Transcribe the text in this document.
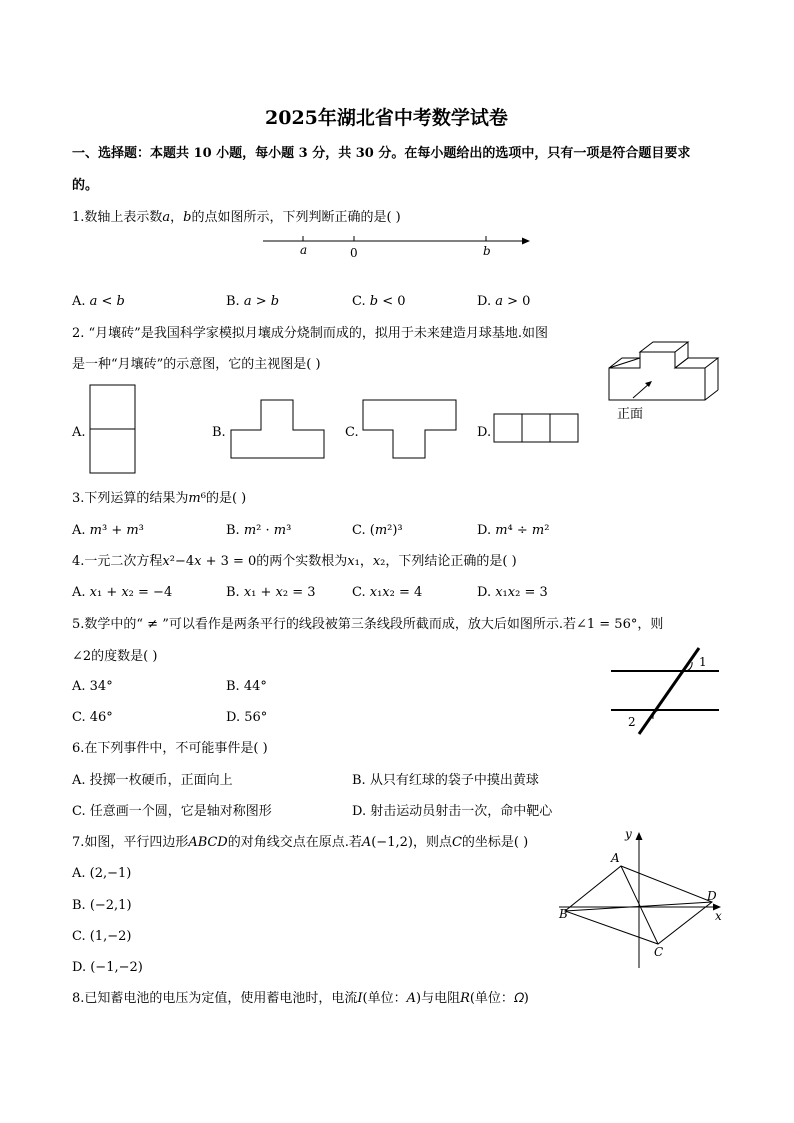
2025年湖北省中考数学试卷
一、选择题：本题共 10 小题，每小题 3 分，共 30 分。在每小题给出的选项中，只有一项是符合题目要求
的。
1.数轴上表示数𝑎，𝑏的点如图所示，下列判断正确的是( )
𝑎	0	𝑏
A. 𝑎 < 𝑏	B. 𝑎 > 𝑏	C. 𝑏 < 0	D. 𝑎 > 0
2. “月壤砖”是我国科学家模拟月壤成分烧制而成的，拟用于未来建造月球基地.如图
是一种“月壤砖”的示意图，它的主视图是( )
正面
A.	B.	C.	D.
3.下列运算的结果为𝑚⁶的是( )
A. 𝑚³ + 𝑚³	B. 𝑚² · 𝑚³	C. (𝑚²)³	D. 𝑚⁴ ÷ 𝑚²
4.一元二次方程𝑥²−4𝑥 + 3 = 0的两个实数根为𝑥₁，𝑥₂，下列结论正确的是( )
A. 𝑥₁ + 𝑥₂ = −4	B. 𝑥₁ + 𝑥₂ = 3	C. 𝑥₁𝑥₂ = 4	D. 𝑥₁𝑥₂ = 3
5.数学中的“ ≠ ”可以看作是两条平行的线段被第三条线段所截而成，放大后如图所示.若∠1 = 56°，则
∠2的度数是( )	1
2
A. 34°	B. 44°
C. 46°	D. 56°
6.在下列事件中，不可能事件是( )
A. 投掷一枚硬币，正面向上	B. 从只有红球的袋子中摸出黄球
C. 任意画一个圆，它是轴对称图形	D. 射击运动员射击一次，命中靶心
7.如图，平行四边形𝐴𝐵𝐶𝐷的对角线交点在原点.若𝐴(−1,2)，则点𝐶的坐标是( )
𝑦
𝐴
𝐷
𝐵	𝑥
𝐶
A. (2,−1)
B. (−2,1)
C. (1,−2)
D. (−1,−2)
8.已知蓄电池的电压为定值，使用蓄电池时，电流𝐼(单位：𝐴)与电阻𝑅(单位：𝛺)
